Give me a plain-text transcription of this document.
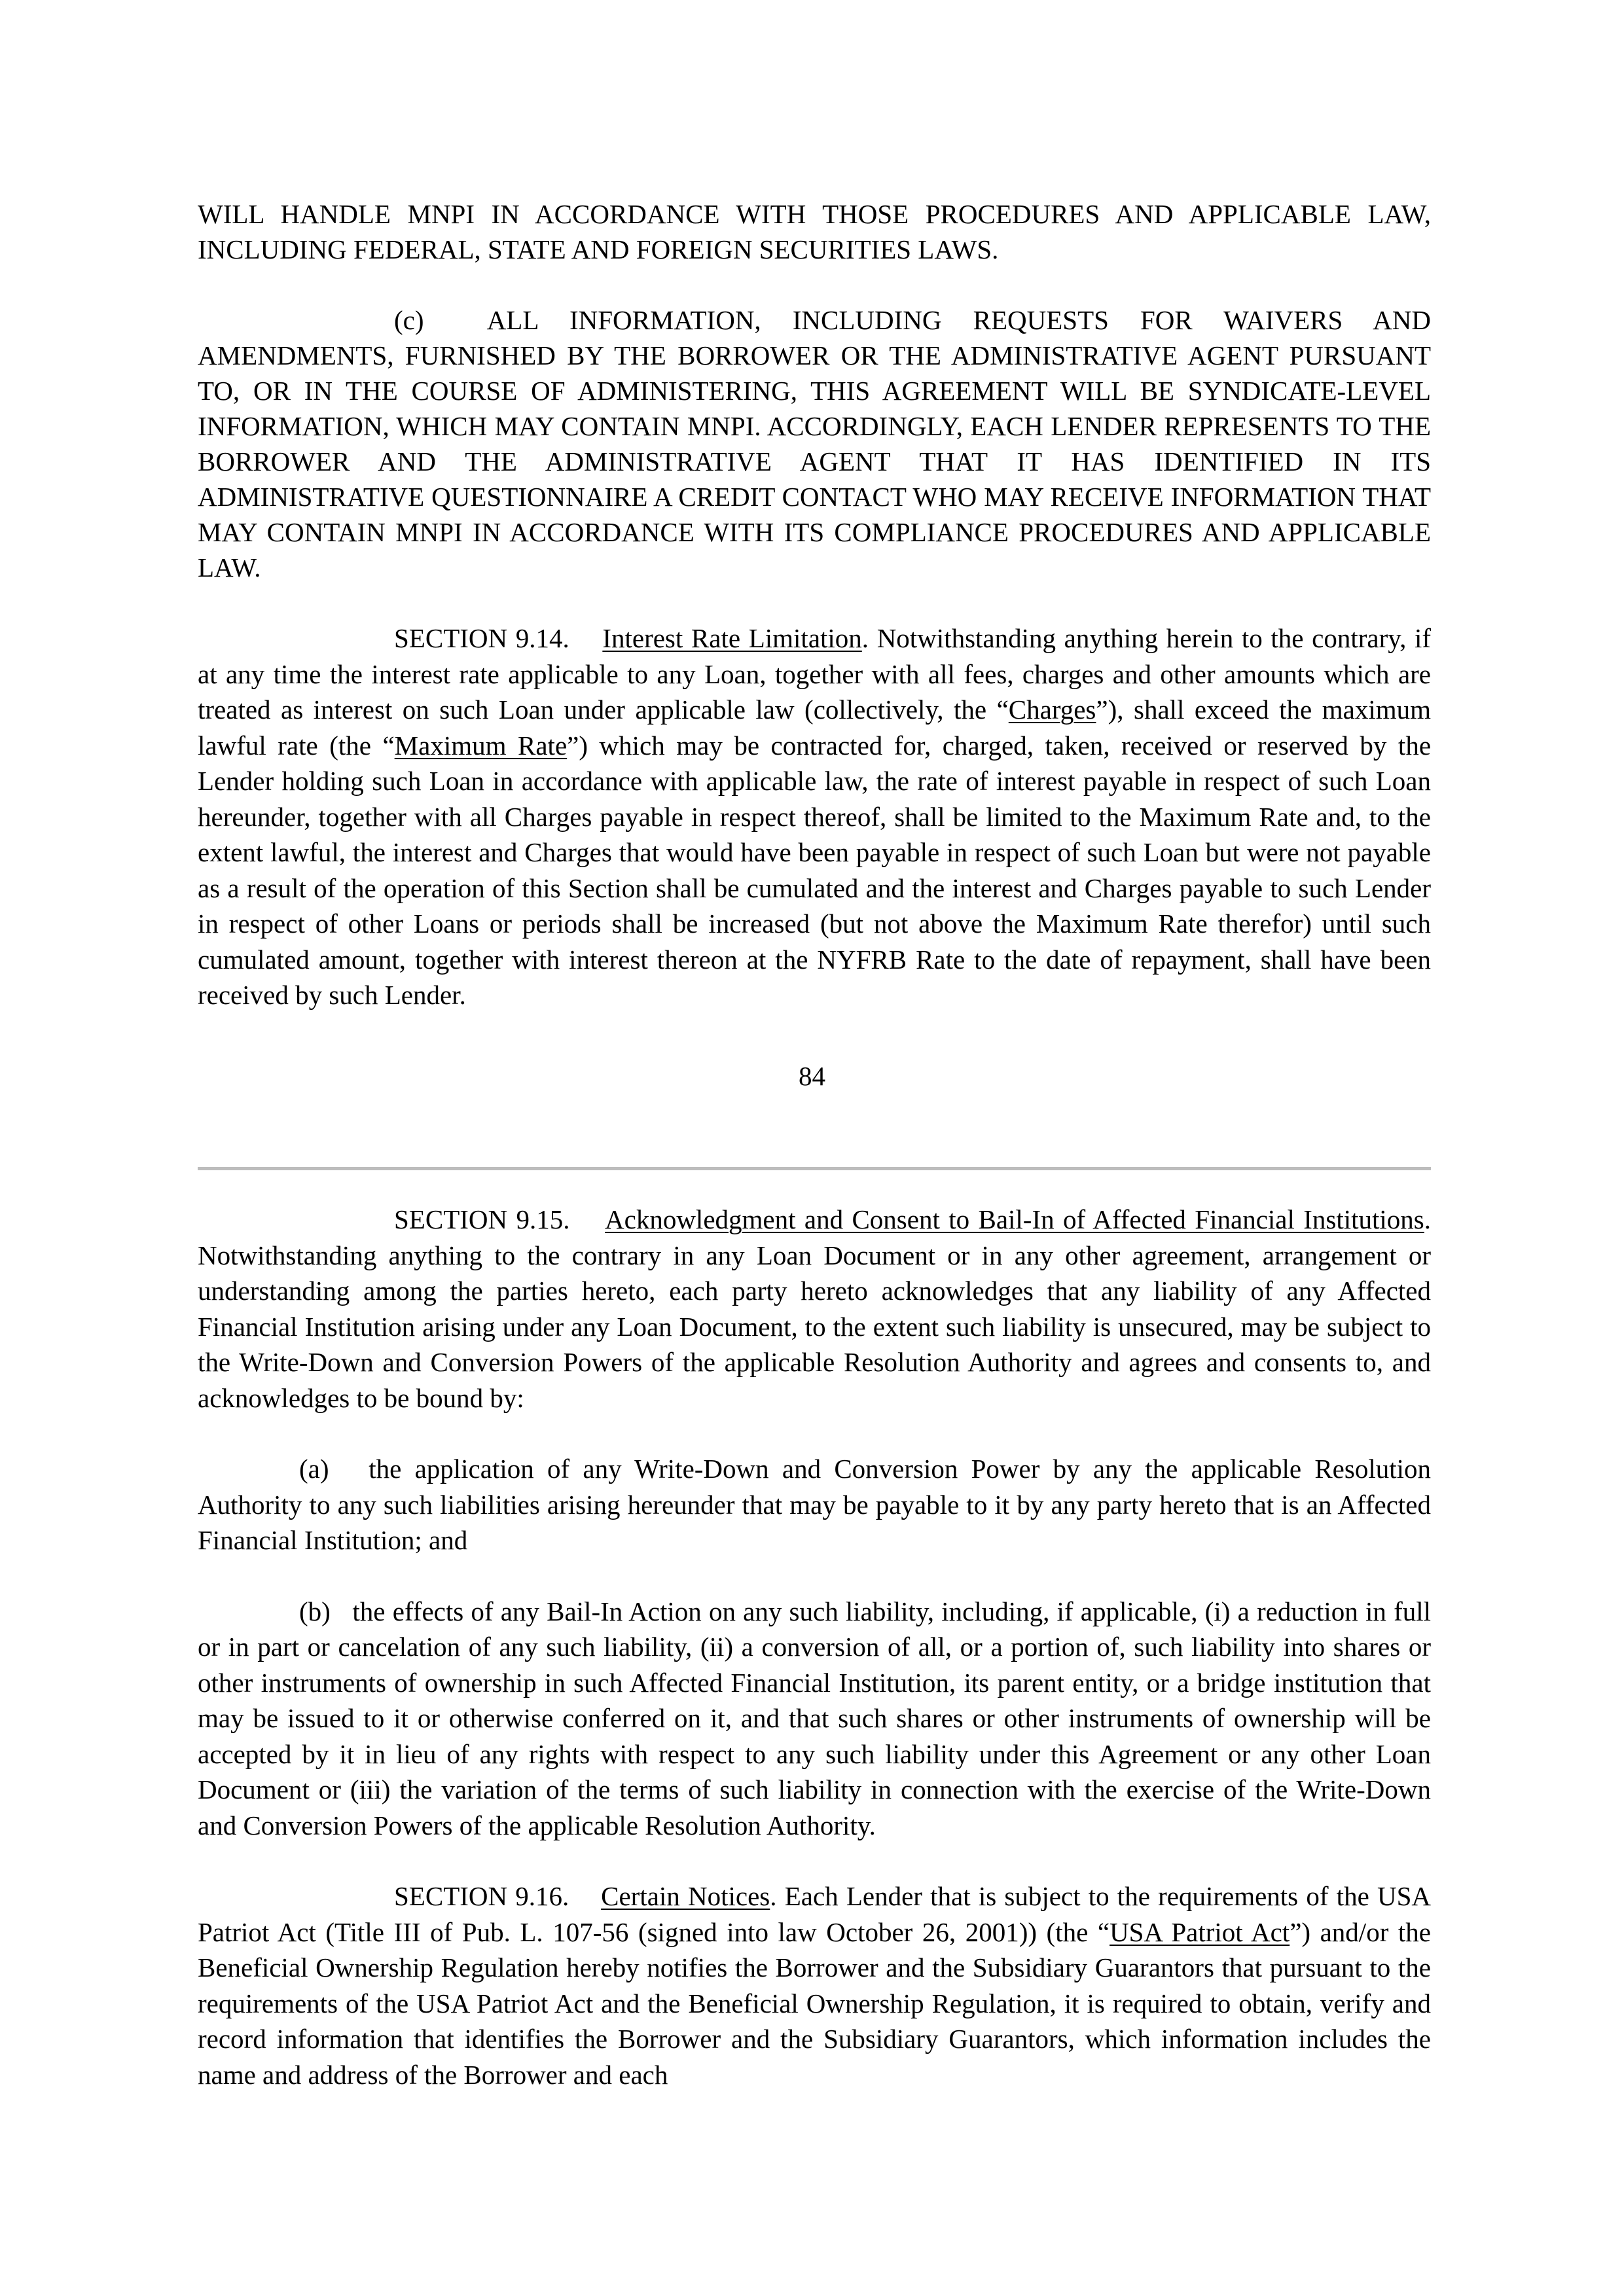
WILL HANDLE MNPI IN ACCORDANCE WITH THOSE PROCEDURES AND APPLICABLE LAW, INCLUDING FEDERAL, STATE AND FOREIGN SECURITIES LAWS.

(c) ALL INFORMATION, INCLUDING REQUESTS FOR WAIVERS AND AMENDMENTS, FURNISHED BY THE BORROWER OR THE ADMINISTRATIVE AGENT PURSUANT TO, OR IN THE COURSE OF ADMINISTERING, THIS AGREEMENT WILL BE SYNDICATE-LEVEL INFORMATION, WHICH MAY CONTAIN MNPI. ACCORDINGLY, EACH LENDER REPRESENTS TO THE BORROWER AND THE ADMINISTRATIVE AGENT THAT IT HAS IDENTIFIED IN ITS ADMINISTRATIVE QUESTIONNAIRE A CREDIT CONTACT WHO MAY RECEIVE INFORMATION THAT MAY CONTAIN MNPI IN ACCORDANCE WITH ITS COMPLIANCE PROCEDURES AND APPLICABLE LAW.

SECTION 9.14. Interest Rate Limitation. Notwithstanding anything herein to the contrary, if at any time the interest rate applicable to any Loan, together with all fees, charges and other amounts which are treated as interest on such Loan under applicable law (collectively, the “Charges”), shall exceed the maximum lawful rate (the “Maximum Rate”) which may be contracted for, charged, taken, received or reserved by the Lender holding such Loan in accordance with applicable law, the rate of interest payable in respect of such Loan hereunder, together with all Charges payable in respect thereof, shall be limited to the Maximum Rate and, to the extent lawful, the interest and Charges that would have been payable in respect of such Loan but were not payable as a result of the operation of this Section shall be cumulated and the interest and Charges payable to such Lender in respect of other Loans or periods shall be increased (but not above the Maximum Rate therefor) until such cumulated amount, together with interest thereon at the NYFRB Rate to the date of repayment, shall have been received by such Lender.

84

SECTION 9.15. Acknowledgment and Consent to Bail-In of Affected Financial Institutions. Notwithstanding anything to the contrary in any Loan Document or in any other agreement, arrangement or understanding among the parties hereto, each party hereto acknowledges that any liability of any Affected Financial Institution arising under any Loan Document, to the extent such liability is unsecured, may be subject to the Write-Down and Conversion Powers of the applicable Resolution Authority and agrees and consents to, and acknowledges to be bound by:

(a) the application of any Write-Down and Conversion Power by any the applicable Resolution Authority to any such liabilities arising hereunder that may be payable to it by any party hereto that is an Affected Financial Institution; and

(b) the effects of any Bail-In Action on any such liability, including, if applicable, (i) a reduction in full or in part or cancelation of any such liability, (ii) a conversion of all, or a portion of, such liability into shares or other instruments of ownership in such Affected Financial Institution, its parent entity, or a bridge institution that may be issued to it or otherwise conferred on it, and that such shares or other instruments of ownership will be accepted by it in lieu of any rights with respect to any such liability under this Agreement or any other Loan Document or (iii) the variation of the terms of such liability in connection with the exercise of the Write-Down and Conversion Powers of the applicable Resolution Authority.

SECTION 9.16. Certain Notices. Each Lender that is subject to the requirements of the USA Patriot Act (Title III of Pub. L. 107-56 (signed into law October 26, 2001)) (the “USA Patriot Act”) and/or the Beneficial Ownership Regulation hereby notifies the Borrower and the Subsidiary Guarantors that pursuant to the requirements of the USA Patriot Act and the Beneficial Ownership Regulation, it is required to obtain, verify and record information that identifies the Borrower and the Subsidiary Guarantors, which information includes the name and address of the Borrower and each
